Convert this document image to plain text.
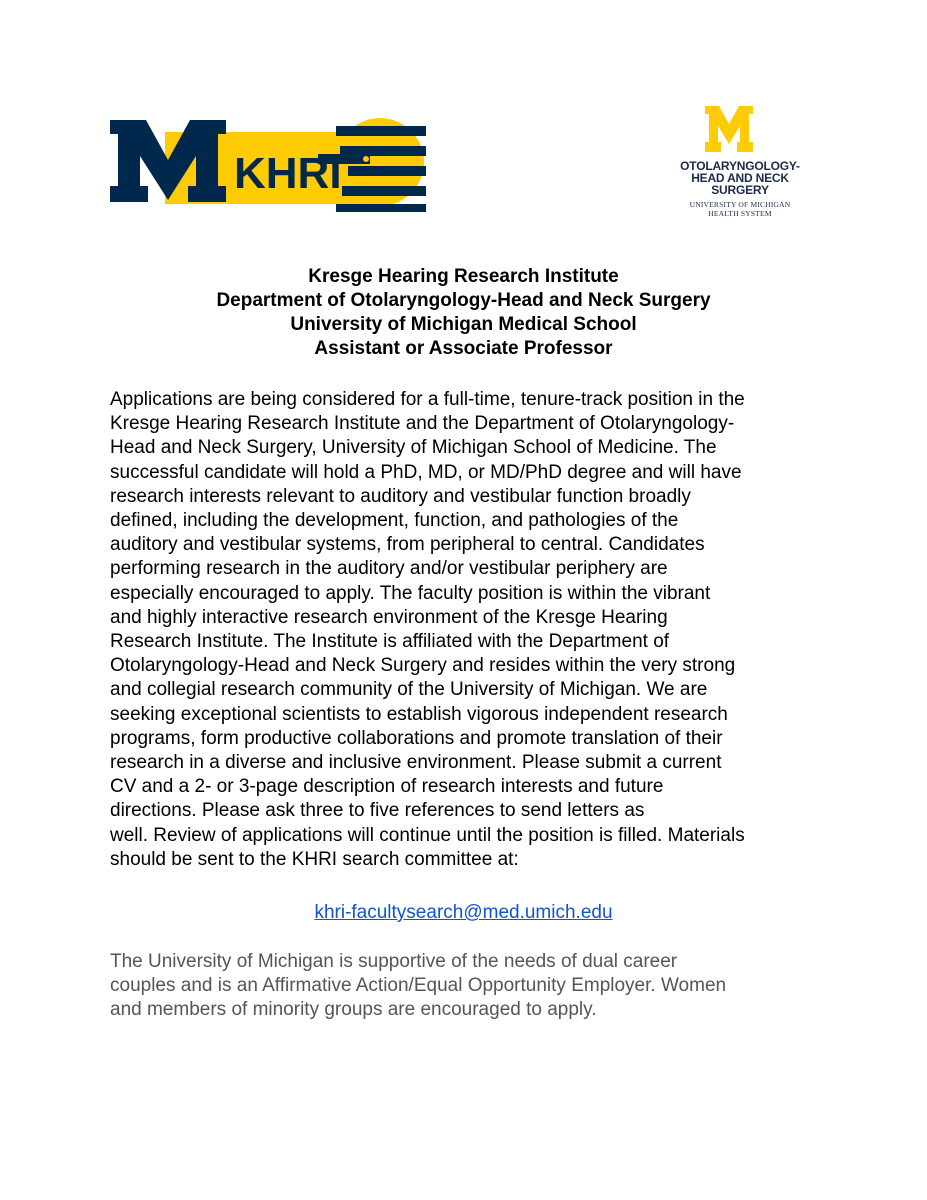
KHRI	OTOLARYNGOLOGY-
HEAD AND NECK
SURGERY
UNIVERSITY OF MICHIGAN
HEALTH SYSTEM
Kresge Hearing Research Institute
Department of Otolaryngology-Head and Neck Surgery
University of Michigan Medical School
Assistant or Associate Professor
Applications are being considered for a full-time, tenure-track position in the
Kresge Hearing Research Institute and the Department of Otolaryngology-
Head and Neck Surgery, University of Michigan School of Medicine. The
successful candidate will hold a PhD, MD, or MD/PhD degree and will have
research interests relevant to auditory and vestibular function broadly
defined, including the development, function, and pathologies of the
auditory and vestibular systems, from peripheral to central. Candidates
performing research in the auditory and/or vestibular periphery are
especially encouraged to apply. The faculty position is within the vibrant
and highly interactive research environment of the Kresge Hearing
Research Institute. The Institute is affiliated with the Department of
Otolaryngology-Head and Neck Surgery and resides within the very strong
and collegial research community of the University of Michigan. We are
seeking exceptional scientists to establish vigorous independent research
programs, form productive collaborations and promote translation of their
research in a diverse and inclusive environment. Please submit a current
CV and a 2- or 3-page description of research interests and future
directions. Please ask three to five references to send letters as
well. Review of applications will continue until the position is filled. Materials
should be sent to the KHRI search committee at:
khri-facultysearch@med.umich.edu
The University of Michigan is supportive of the needs of dual career
couples and is an Affirmative Action/Equal Opportunity Employer. Women
and members of minority groups are encouraged to apply.
